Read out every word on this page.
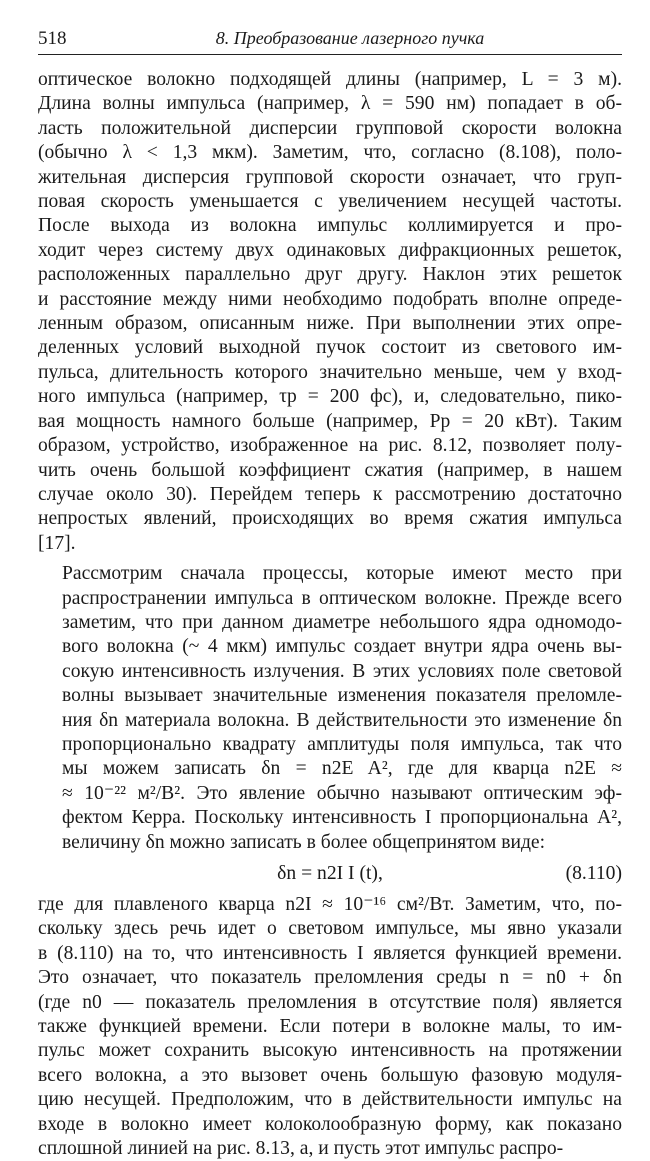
518	8. Преобразование лазерного пучка

оптическое волокно подходящей длины (например, L = 3 м).
Длина волны импульса (например, λ = 590 нм) попадает в об-
ласть положительной дисперсии групповой скорости волокна
(обычно λ < 1,3 мкм). Заметим, что, согласно (8.108), поло-
жительная дисперсия групповой скорости означает, что груп-
повая скорость уменьшается с увеличением несущей частоты.
После выхода из волокна импульс коллимируется и про-
ходит через систему двух одинаковых дифракционных решеток,
расположенных параллельно друг другу. Наклон этих решеток
и расстояние между ними необходимо подобрать вполне опреде-
ленным образом, описанным ниже. При выполнении этих опре-
деленных условий выходной пучок состоит из светового им-
пульса, длительность которого значительно меньше, чем у вход-
ного импульса (например, τp = 200 фс), и, следовательно, пико-
вая мощность намного больше (например, Pp = 20 кВт). Таким
образом, устройство, изображенное на рис. 8.12, позволяет полу-
чить очень большой коэффициент сжатия (например, в нашем
случае около 30). Перейдем теперь к рассмотрению достаточно
непростых явлений, происходящих во время сжатия импульса
[17].

Рассмотрим сначала процессы, которые имеют место при
распространении импульса в оптическом волокне. Прежде всего
заметим, что при данном диаметре небольшого ядра одномодо-
вого волокна (~ 4 мкм) импульс создает внутри ядра очень вы-
сокую интенсивность излучения. В этих условиях поле световой
волны вызывает значительные изменения показателя преломле-
ния δn материала волокна. В действительности это изменение δn
пропорционально квадрату амплитуды поля импульса, так что
мы можем записать δn = n2E A², где для кварца n2E ≈
≈ 10⁻²² м²/В². Это явление обычно называют оптическим эф-
фектом Керра. Поскольку интенсивность I пропорциональна A²,
величину δn можно записать в более общепринятом виде:

δn = n2I I (t),	(8.110)

где для плавленого кварца n2I ≈ 10⁻¹⁶ см²/Вт. Заметим, что, по-
скольку здесь речь идет о световом импульсе, мы явно указали
в (8.110) на то, что интенсивность I является функцией времени.
Это означает, что показатель преломления среды n = n0 + δn
(где n0 — показатель преломления в отсутствие поля) является
также функцией времени. Если потери в волокне малы, то им-
пульс может сохранить высокую интенсивность на протяжении
всего волокна, а это вызовет очень большую фазовую модуля-
цию несущей. Предположим, что в действительности импульс на
входе в волокно имеет колоколообразную форму, как показано
сплошной линией на рис. 8.13, а, и пусть этот импульс распро-
